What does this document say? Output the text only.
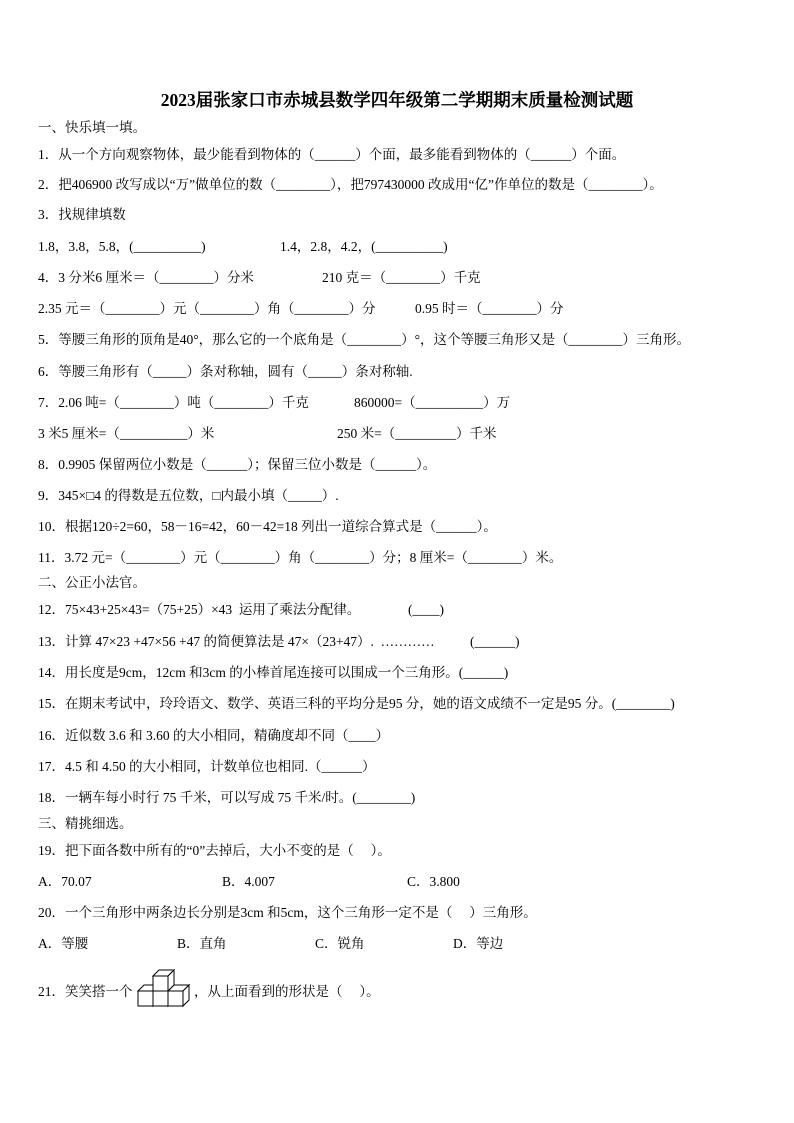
2023届张家口市赤城县数学四年级第二学期期末质量检测试题
一、快乐填一填。
1．从一个方向观察物体，最少能看到物体的（______）个面，最多能看到物体的（______）个面。
2．把406900 改写成以“万”做单位的数（________），把797430000 改成用“亿”作单位的数是（________）。
3．找规律填数
1.8，3.8，5.8，(__________)	1.4，2.8，4.2，(__________)
4．3 分米6 厘米＝（________）分米	210 克＝（________）千克
2.35 元＝（________）元（________）角（________）分	0.95 时＝（________）分
5．等腰三角形的顶角是40°，那么它的一个底角是（________）°，这个等腰三角形又是（________）三角形。
6．等腰三角形有（_____）条对称轴，圆有（_____）条对称轴.
7．2.06 吨=（________）吨（________）千克	860000=（__________）万
3 米5 厘米=（__________）米	250 米=（_________）千米
8．0.9905 保留两位小数是（______）；保留三位小数是（______）。
9．345×□4 的得数是五位数，□内最小填（_____）.
10．根据120÷2=60，58－16=42，60－42=18 列出一道综合算式是（______）。
11．3.72 元=（________）元（________）角（________）分；8 厘米=（________）米。
二、公正小法官。
12．75×43+25×43=（75+25）×43  运用了乘法分配律。	(____)
13．计算 47×23 +47×56 +47 的简便算法是 47×（23+47）.  …………	(______)
14．用长度是9cm，12cm 和3cm 的小棒首尾连接可以围成一个三角形。(______)
15．在期末考试中，玲玲语文、数学、英语三科的平均分是95 分，她的语文成绩不一定是95 分。(________)
16．近似数 3.6 和 3.60 的大小相同，精确度却不同（____）
17．4.5 和 4.50 的大小相同，计数单位也相同.（______）
18．一辆车每小时行 75 千米，可以写成 75 千米/时。(________)
三、精挑细选。
19．把下面各数中所有的“0”去掉后，大小不变的是（     ）。
A．70.07	B．4.007	C．3.800
20．一个三角形中两条边长分别是3cm 和5cm，这个三角形一定不是（     ）三角形。
A．等腰	B．直角	C．锐角	D．等边
21．笑笑搭一个	，从上面看到的形状是（     ）。
